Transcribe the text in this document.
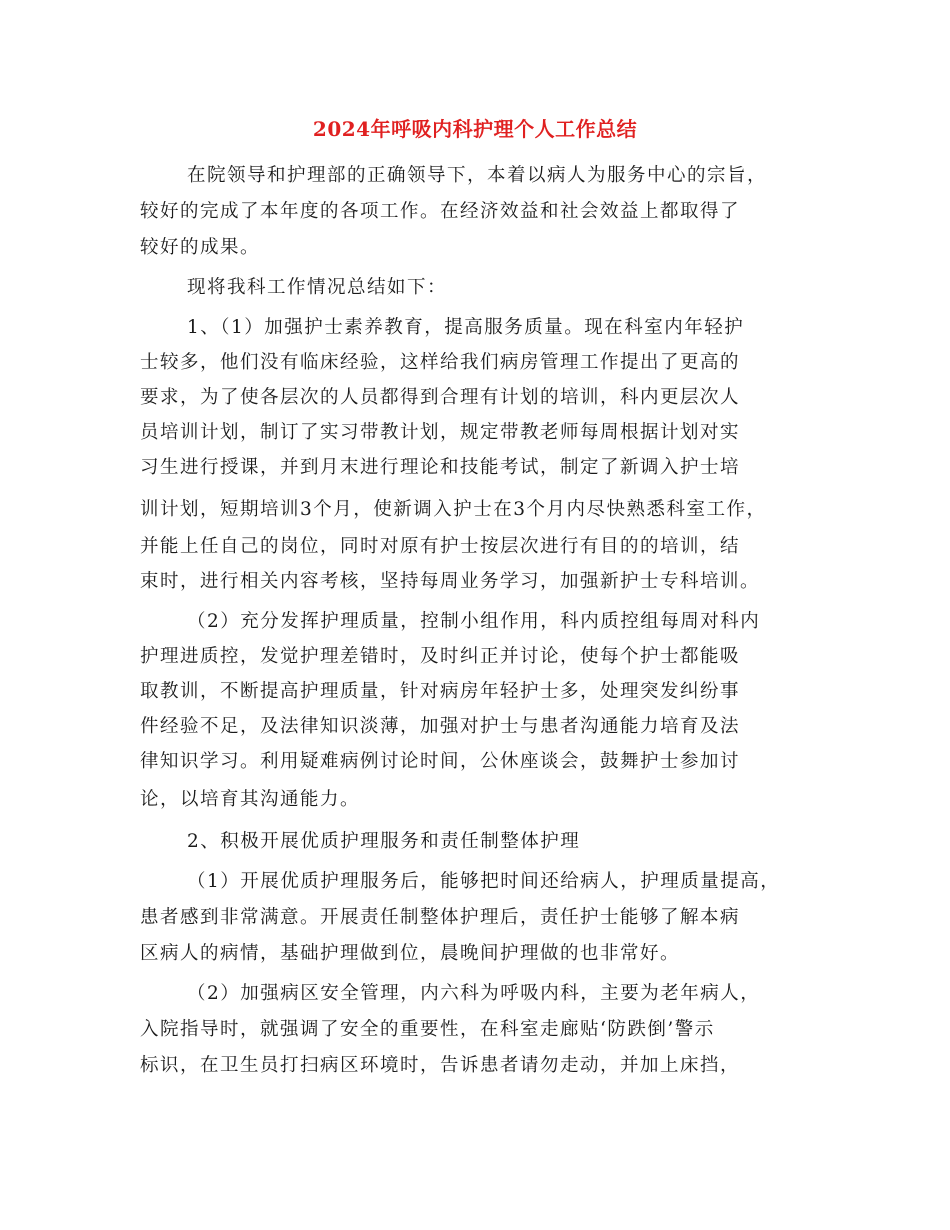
2024年呼吸内科护理个人工作总结
在院领导和护理部的正确领导下，本着以病人为服务中心的宗旨，
较好的完成了本年度的各项工作。在经济效益和社会效益上都取得了
较好的成果。
现将我科工作情况总结如下：
1、（1）加强护士素养教育，提高服务质量。现在科室内年轻护
士较多，他们没有临床经验，这样给我们病房管理工作提出了更高的
要求，为了使各层次的人员都得到合理有计划的培训，科内更层次人
员培训计划，制订了实习带教计划，规定带教老师每周根据计划对实
习生进行授课，并到月末进行理论和技能考试，制定了新调入护士培
训计划，短期培训3个月，使新调入护士在3个月内尽快熟悉科室工作，
并能上任自己的岗位，同时对原有护士按层次进行有目的的培训，结
束时，进行相关内容考核，坚持每周业务学习，加强新护士专科培训。
（2）充分发挥护理质量，控制小组作用，科内质控组每周对科内
护理进质控，发觉护理差错时，及时纠正并讨论，使每个护士都能吸
取教训，不断提高护理质量，针对病房年轻护士多，处理突发纠纷事
件经验不足，及法律知识淡薄，加强对护士与患者沟通能力培育及法
律知识学习。利用疑难病例讨论时间，公休座谈会，鼓舞护士参加讨
论，以培育其沟通能力。
2、积极开展优质护理服务和责任制整体护理
（1）开展优质护理服务后，能够把时间还给病人，护理质量提高，
患者感到非常满意。开展责任制整体护理后，责任护士能够了解本病
区病人的病情，基础护理做到位，晨晚间护理做的也非常好。
（2）加强病区安全管理，内六科为呼吸内科，主要为老年病人，
入院指导时，就强调了安全的重要性，在科室走廊贴‘防跌倒’警示
标识，在卫生员打扫病区环境时，告诉患者请勿走动，并加上床挡，
